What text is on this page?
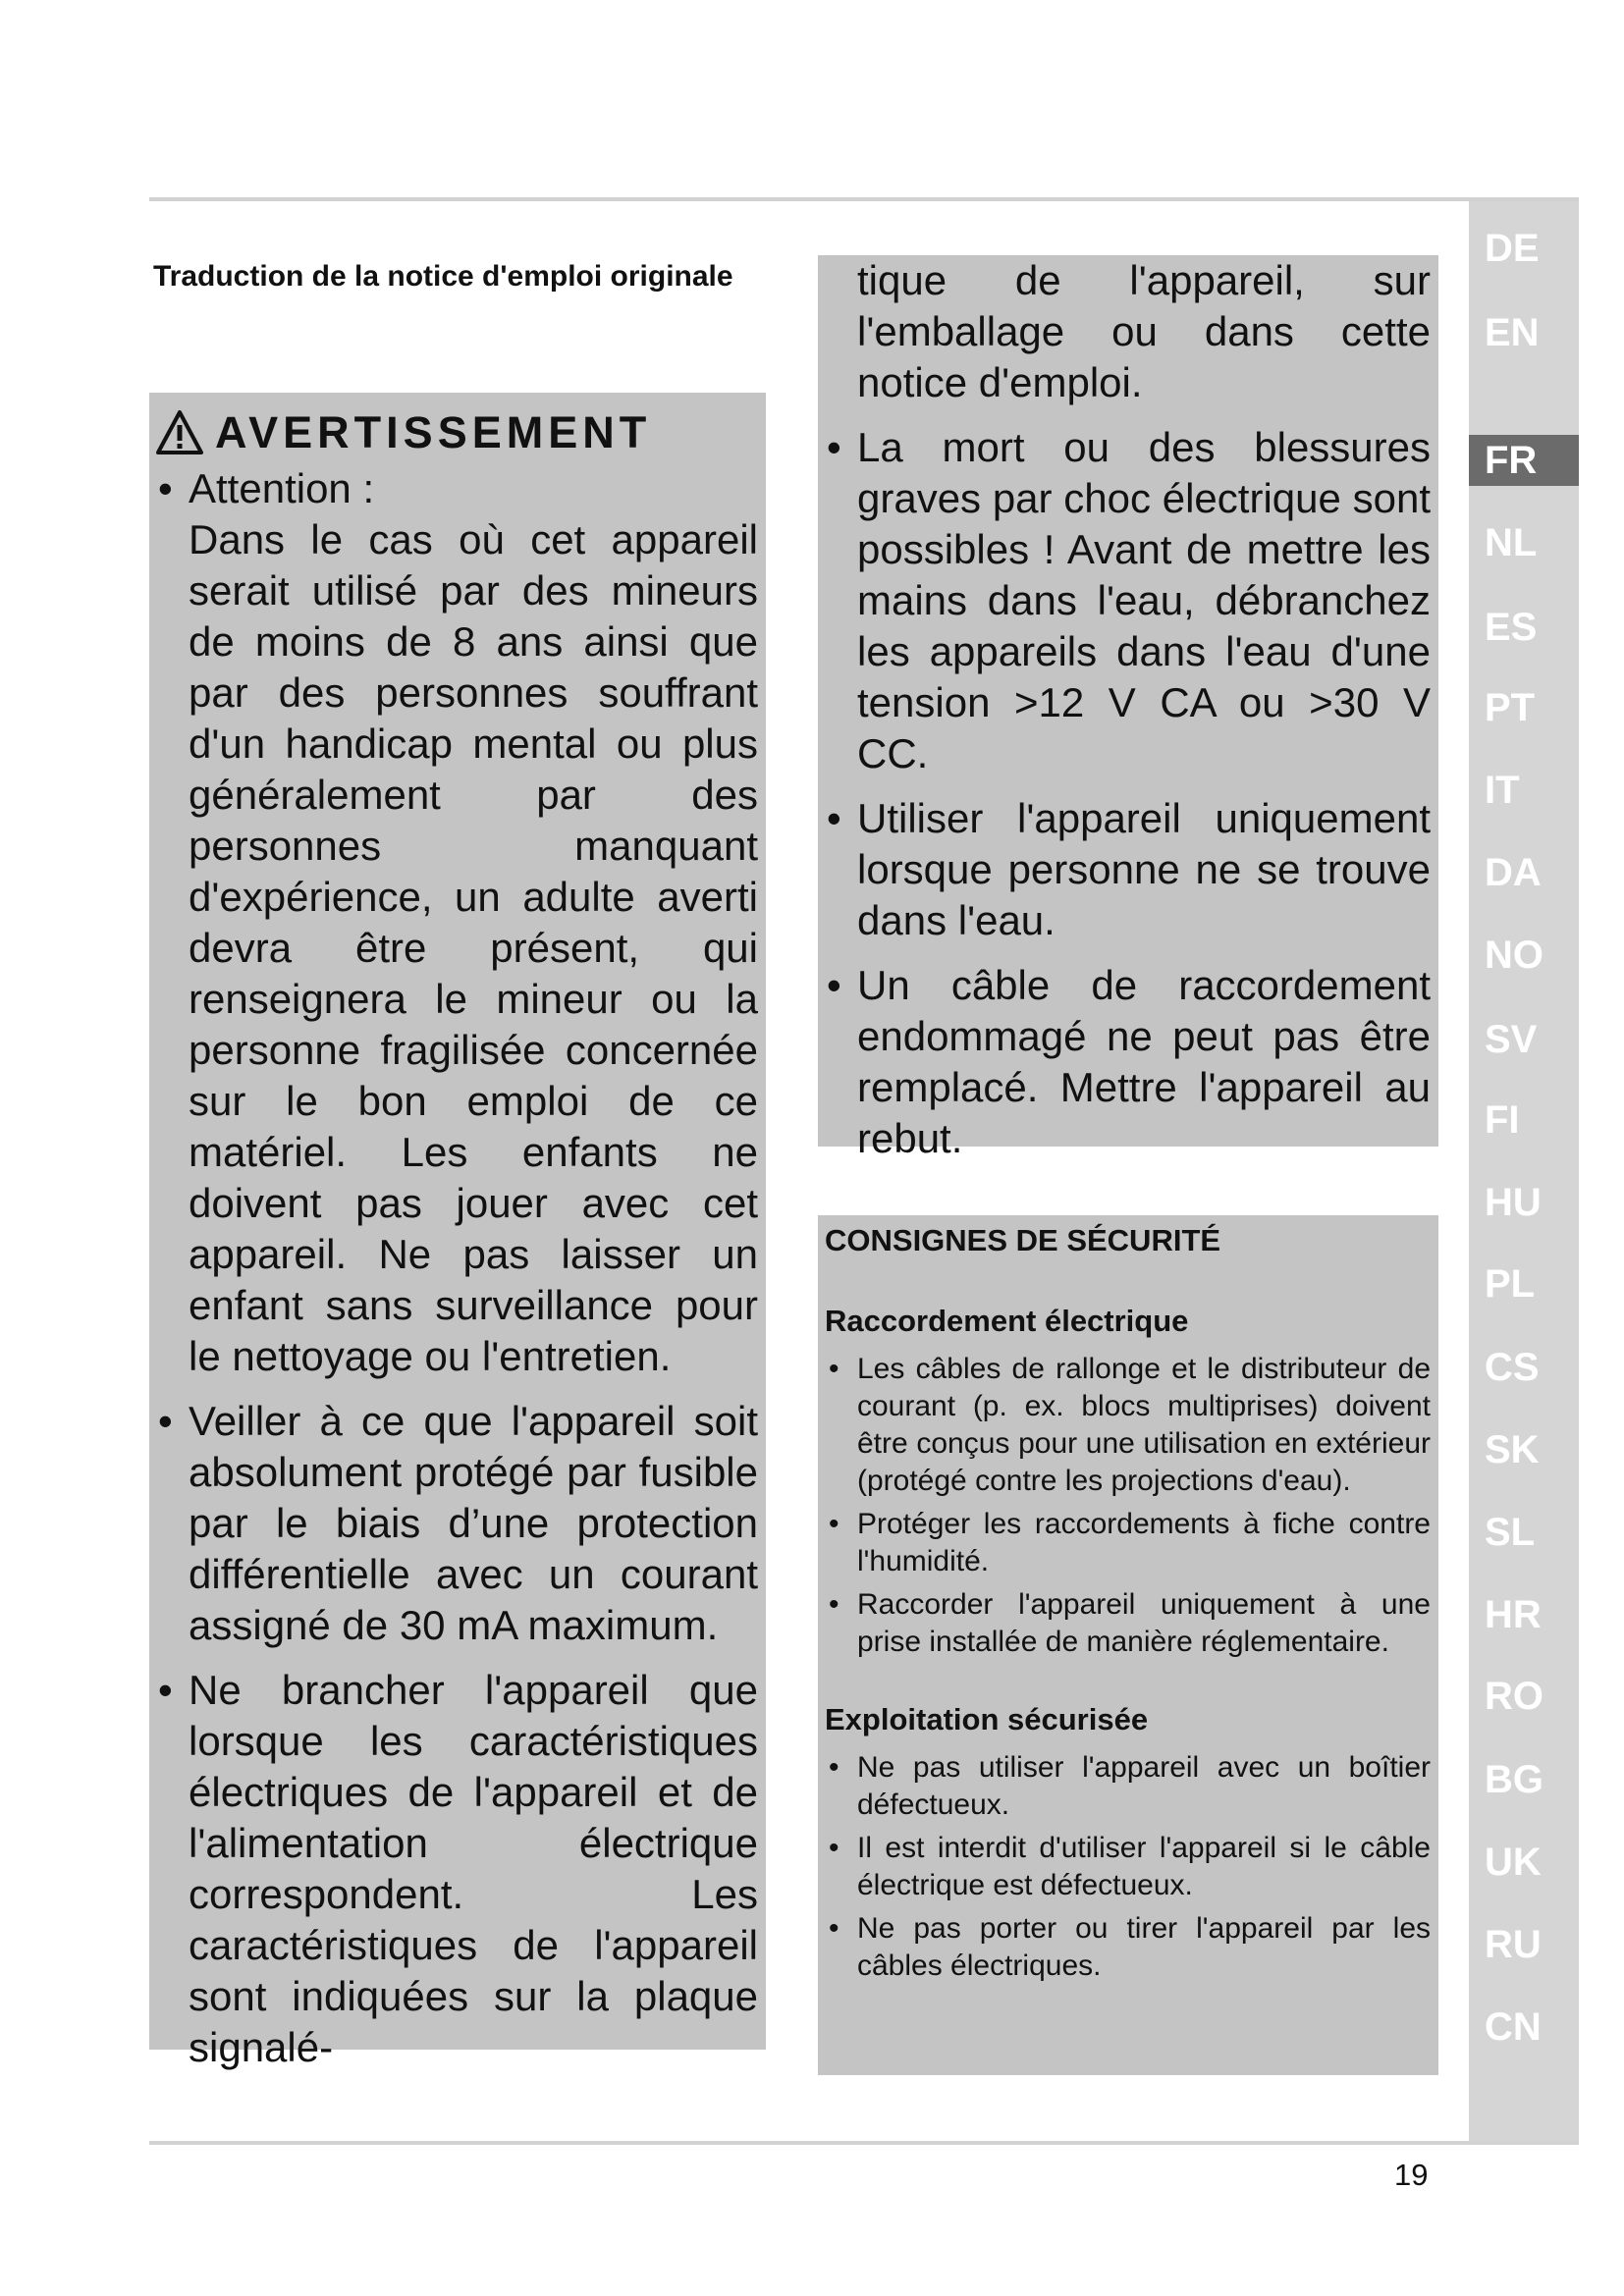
DE
EN
FR
NL
ES
PT
IT
DA
NO
SV
FI
HU
PL
CS
SK
SL
HR
RO
BG
UK
RU
CN
Traduction de la notice d'emploi originale
AVERTISSEMENT
• Attention :
Dans le cas où cet appareil serait utilisé par des mineurs de moins de 8 ans ainsi que par des personnes souffrant d'un handicap mental ou plus généralement par des personnes manquant d'expérience, un adulte averti devra être présent, qui renseignera le mineur ou la personne fragilisée concernée sur le bon emploi de ce matériel. Les enfants ne doivent pas jouer avec cet appareil. Ne pas laisser un enfant sans surveillance pour le nettoyage ou l'entretien.
• Veiller à ce que l'appareil soit absolument protégé par fusible par le biais d’une protection différentielle avec un courant assigné de 30 mA maximum.
• Ne brancher l'appareil que lorsque les caractéristiques électriques de l'appareil et de l'alimentation électrique correspondent. Les caractéristiques de l'appareil sont indiquées sur la plaque signalé-
tique de l'appareil, sur l'emballage ou dans cette notice d'emploi.
• La mort ou des blessures graves par choc électrique sont possibles ! Avant de mettre les mains dans l'eau, débranchez les appareils dans l'eau d'une tension >12 V CA ou >30 V CC.
• Utiliser l'appareil uniquement lorsque personne ne se trouve dans l'eau.
• Un câble de raccordement endommagé ne peut pas être remplacé. Mettre l'appareil au rebut.
CONSIGNES DE SÉCURITÉ
Raccordement électrique
• Les câbles de rallonge et le distributeur de courant (p. ex. blocs multiprises) doivent être conçus pour une utilisation en extérieur (protégé contre les projections d'eau).
• Protéger les raccordements à fiche contre l'humidité.
• Raccorder l'appareil uniquement à une prise installée de manière réglementaire.
Exploitation sécurisée
• Ne pas utiliser l'appareil avec un boîtier défectueux.
• Il est interdit d'utiliser l'appareil si le câble électrique est défectueux.
• Ne pas porter ou tirer l'appareil par les câbles électriques.
19
